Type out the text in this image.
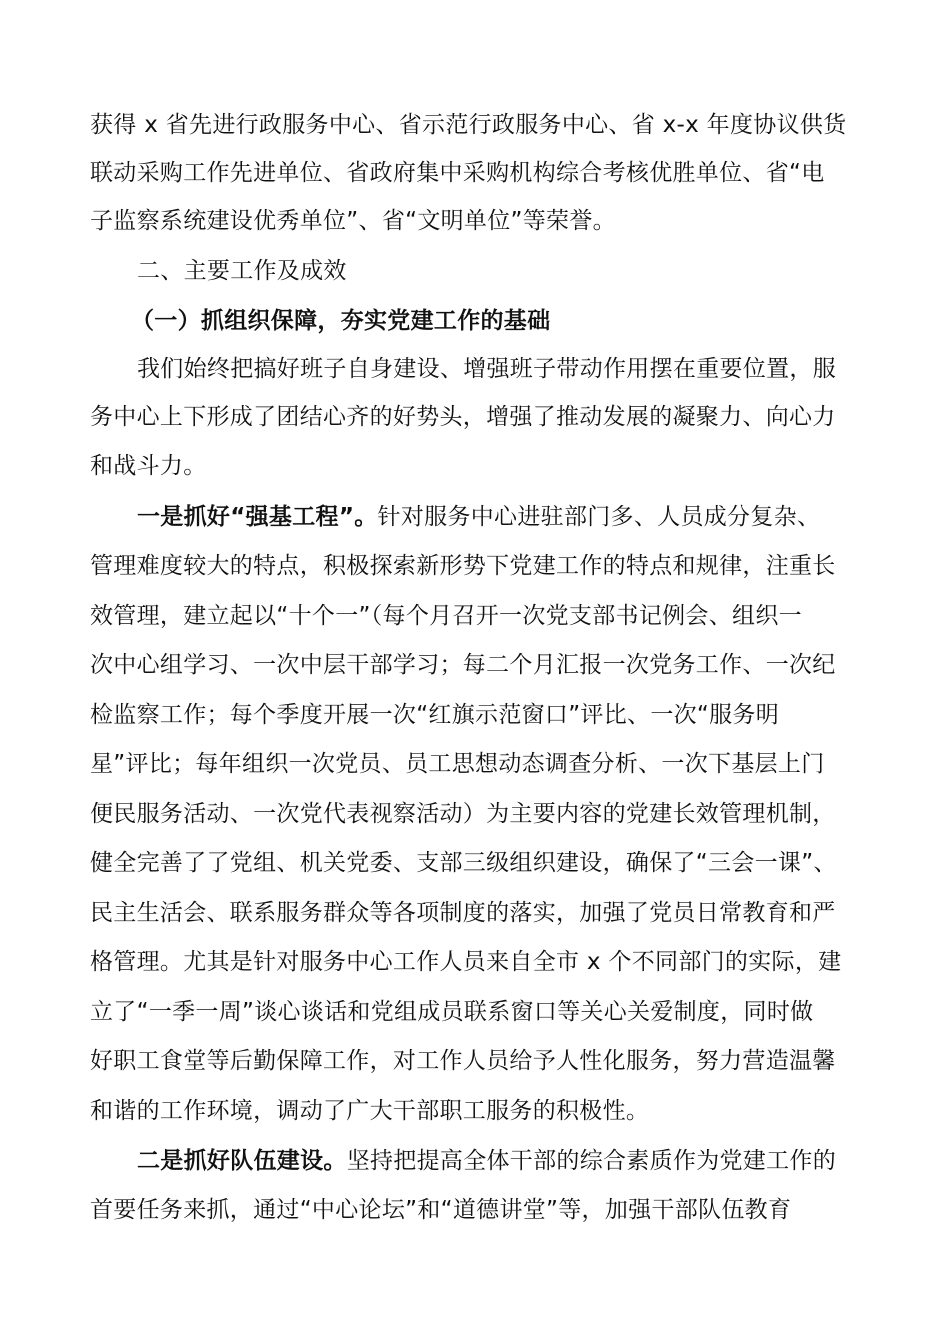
获得 x 省先进行政服务中心、省示范行政服务中心、省 x-x 年度协议供货
联动采购工作先进单位、省政府集中采购机构综合考核优胜单位、省“电
子监察系统建设优秀单位”、省“文明单位”等荣誉。
二、主要工作及成效
（一）抓组织保障，夯实党建工作的基础
我们始终把搞好班子自身建设、增强班子带动作用摆在重要位置，服
务中心上下形成了团结心齐的好势头，增强了推动发展的凝聚力、向心力
和战斗力。
一是抓好“强基工程”。针对服务中心进驻部门多、人员成分复杂、
管理难度较大的特点，积极探索新形势下党建工作的特点和规律，注重长
效管理，建立起以“十个一”（每个月召开一次党支部书记例会、组织一
次中心组学习、一次中层干部学习；每二个月汇报一次党务工作、一次纪
检监察工作；每个季度开展一次“红旗示范窗口”评比、一次“服务明
星”评比；每年组织一次党员、员工思想动态调查分析、一次下基层上门
便民服务活动、一次党代表视察活动）为主要内容的党建长效管理机制，
健全完善了了党组、机关党委、支部三级组织建设，确保了“三会一课”、
民主生活会、联系服务群众等各项制度的落实，加强了党员日常教育和严
格管理。尤其是针对服务中心工作人员来自全市 x 个不同部门的实际，建
立了“一季一周”谈心谈话和党组成员联系窗口等关心关爱制度，同时做
好职工食堂等后勤保障工作，对工作人员给予人性化服务，努力营造温馨
和谐的工作环境，调动了广大干部职工服务的积极性。
二是抓好队伍建设。坚持把提高全体干部的综合素质作为党建工作的
首要任务来抓，通过“中心论坛”和“道德讲堂”等，加强干部队伍教育
